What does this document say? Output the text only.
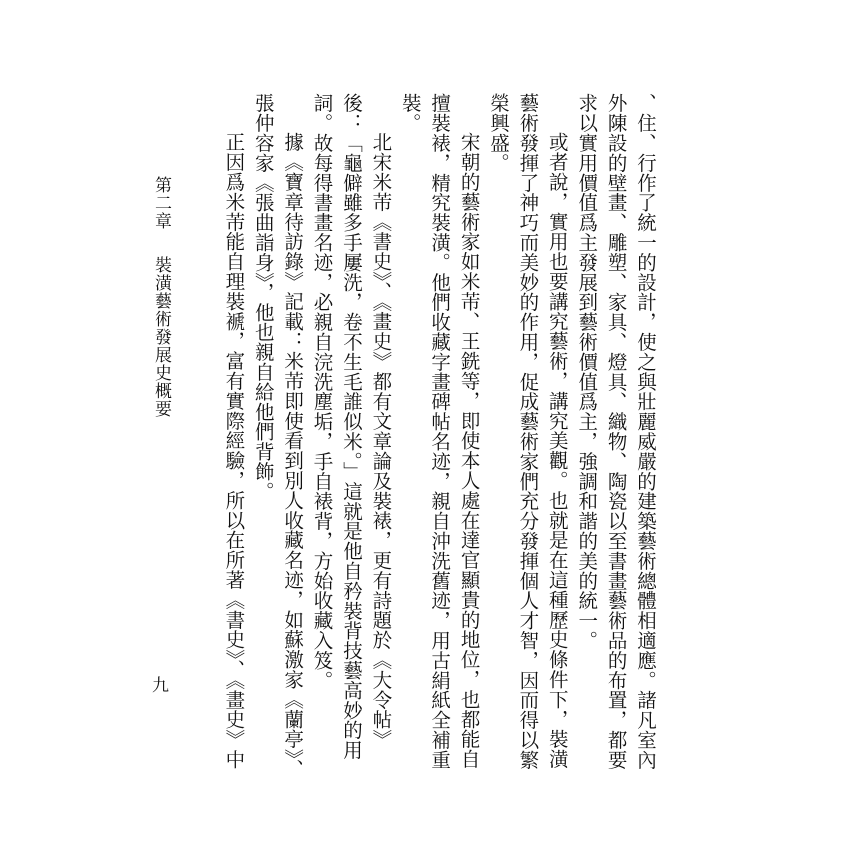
、住、行作了統一的設計，使之與壯麗威嚴的建築藝術總體相適應。諸凡室內外陳設的壁畫、雕塑、家具、燈具、織物、陶瓷以至書畫藝術品的布置，都要求以實用價值爲主發展到藝術價值爲主，強調和諧的美的統一。

或者說，實用也要講究藝術，講究美觀。也就是在這種歷史條件下，裝潢藝術發揮了神巧而美妙的作用，促成藝術家們充分發揮個人才智，因而得以繁榮興盛。

宋朝的藝術家如米芾、王銑等，即使本人處在達官顯貴的地位，也都能自擅裝裱，精究裝潢。他們收藏字畫碑帖名迹，親自沖洗舊迹，用古絹紙全補重裝。

北宋米芾《書史》、《畫史》都有文章論及裝裱，更有詩題於《大令帖》後：「龜僻雖多手屢洗，卷不生毛誰似米。」這就是他自矜裝背技藝高妙的用詞。故每得書畫名迹，必親自浣洗塵垢，手自裱背，方始收藏入笈。

據《寶章待訪錄》記載：米芾即使看到別人收藏名迹，如蘇激家《蘭亭》、張仲容家《張曲詣身》，他也親自給他們背飾。

正因爲米芾能自理裝褫，富有實際經驗，所以在所著《書史》、《畫史》中

第二章裝潢藝術發展史概要
九
